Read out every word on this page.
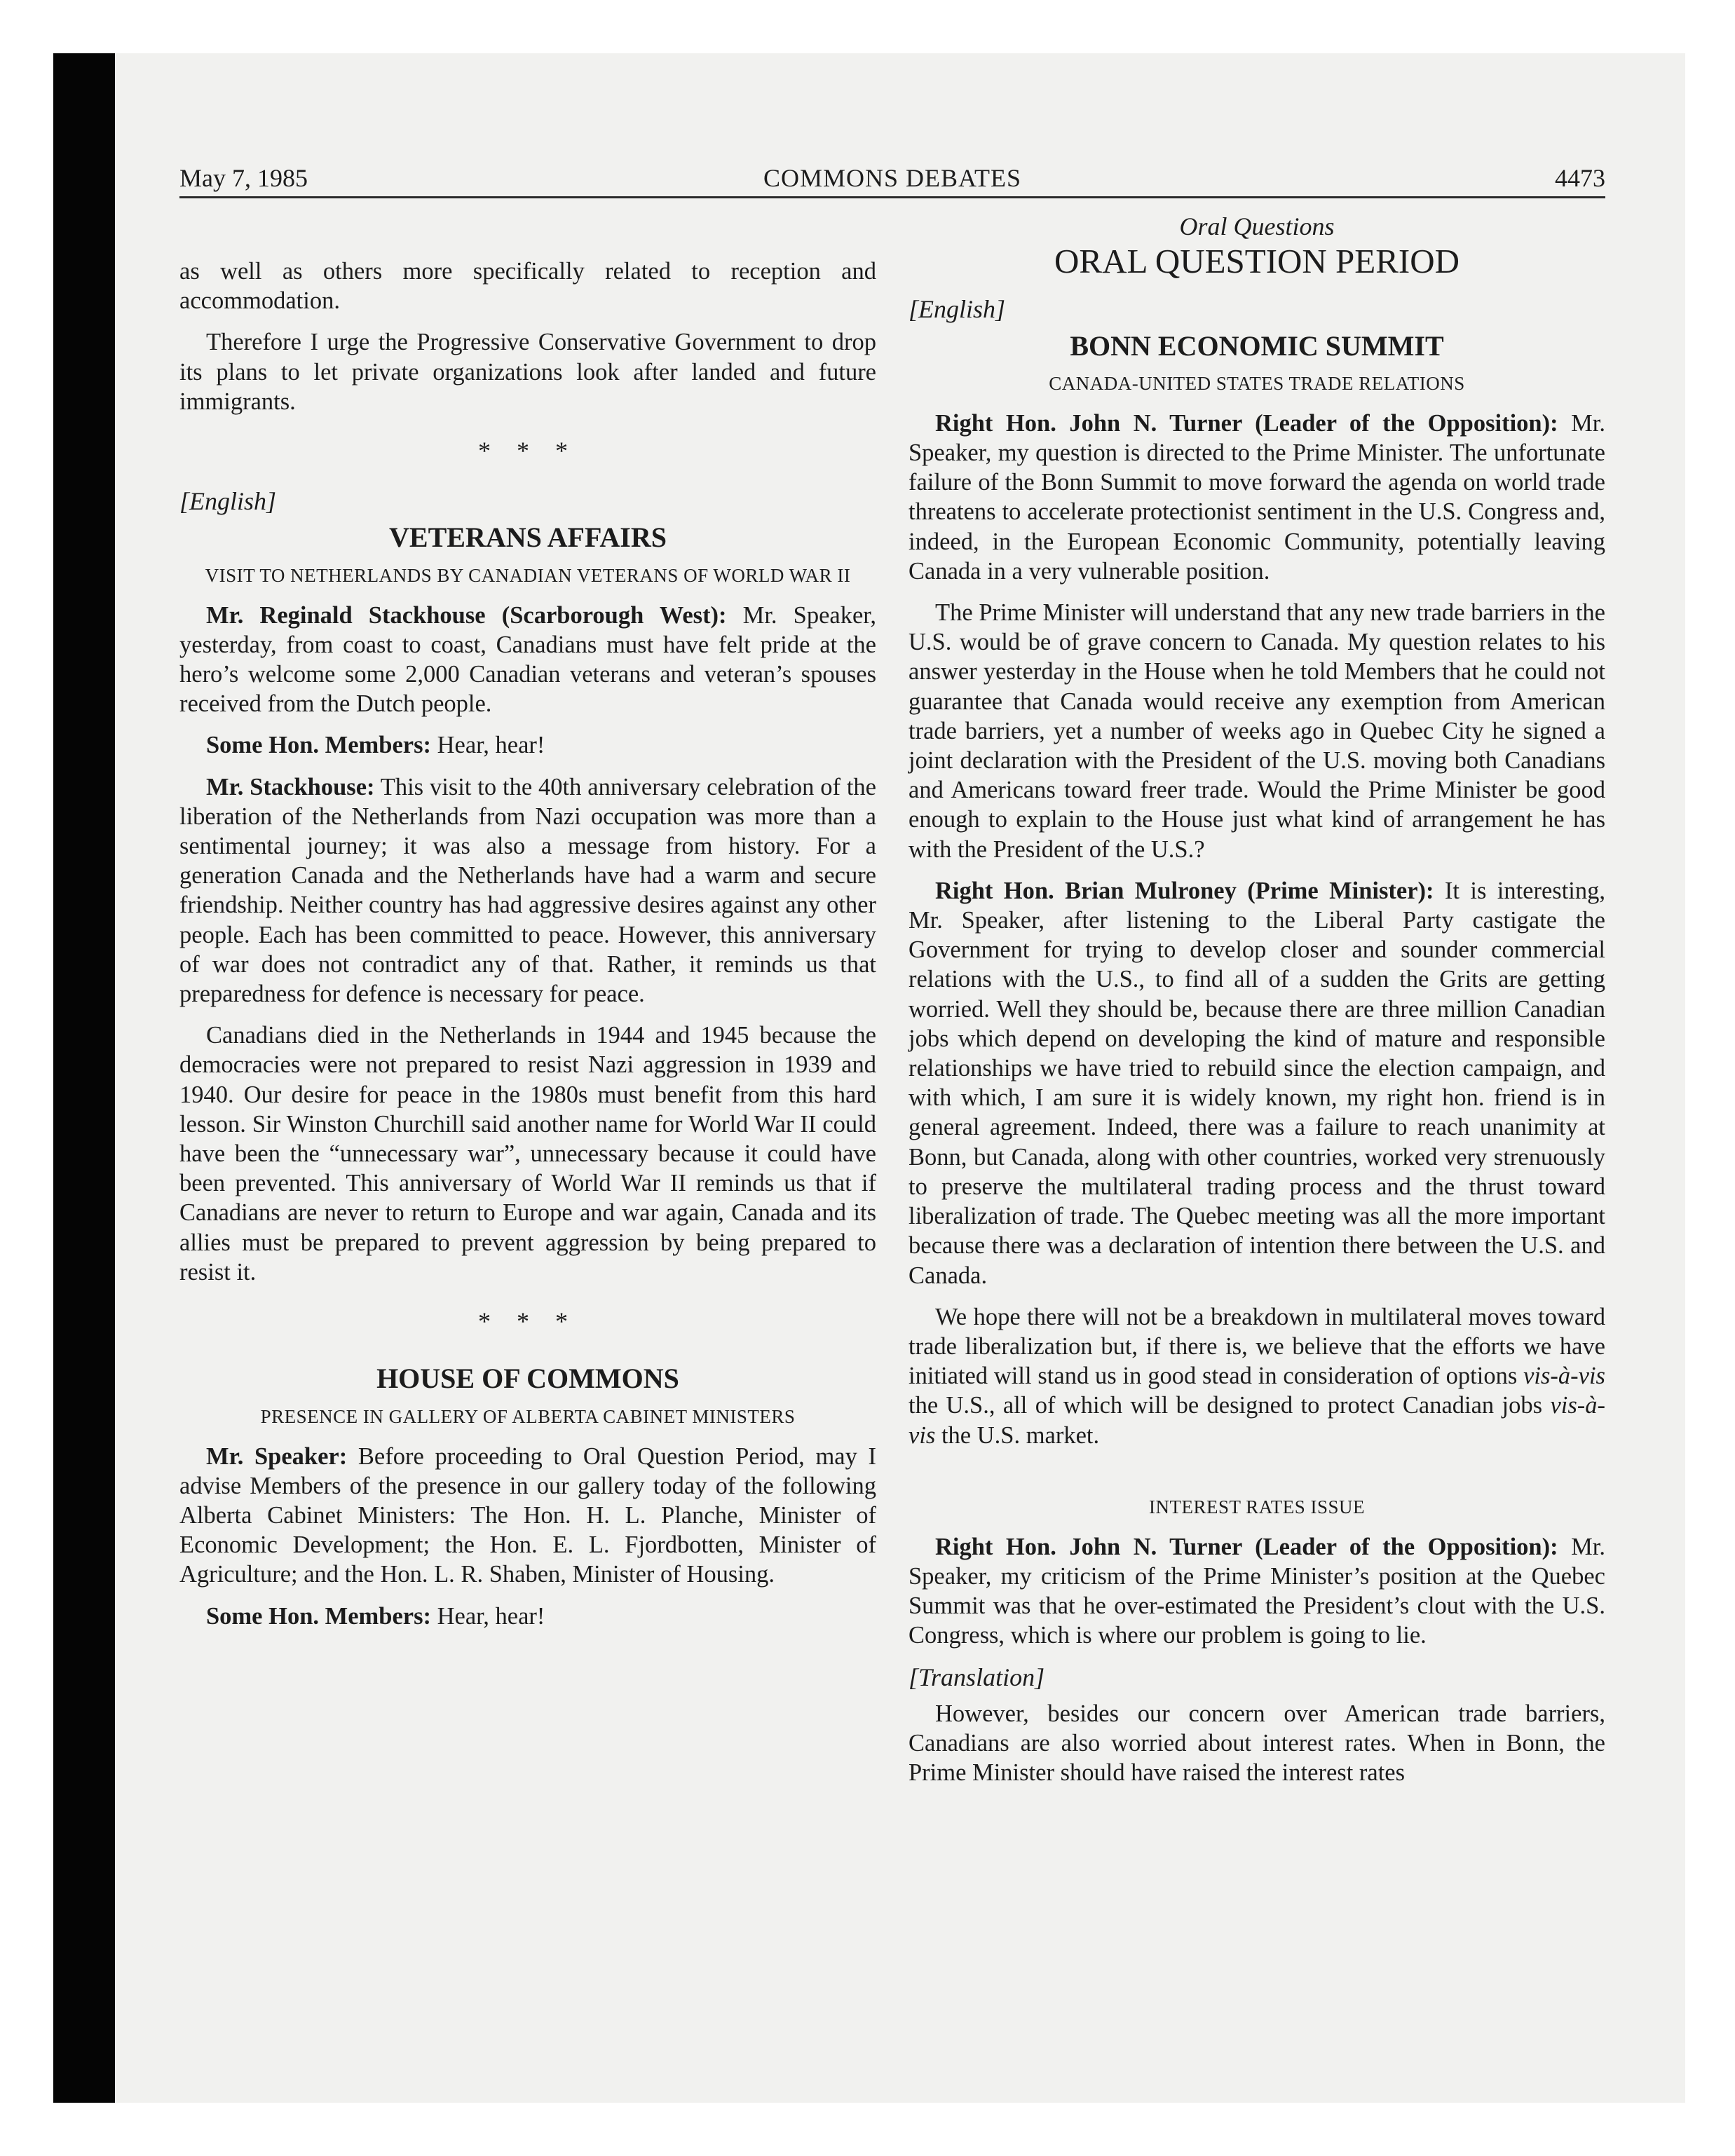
May 7, 1985	COMMONS DEBATES	4473

as well as others more specifically related to reception and accommodation.

Therefore I urge the Progressive Conservative Government to drop its plans to let private organizations look after landed and future immigrants.

* * *
[English]
VETERANS AFFAIRS
VISIT TO NETHERLANDS BY CANADIAN VETERANS OF WORLD WAR II

Mr. Reginald Stackhouse (Scarborough West): Mr. Speaker, yesterday, from coast to coast, Canadians must have felt pride at the hero’s welcome some 2,000 Canadian veterans and veteran’s spouses received from the Dutch people.

Some Hon. Members: Hear, hear!

Mr. Stackhouse: This visit to the 40th anniversary celebration of the liberation of the Netherlands from Nazi occupation was more than a sentimental journey; it was also a message from history. For a generation Canada and the Netherlands have had a warm and secure friendship. Neither country has had aggressive desires against any other people. Each has been committed to peace. However, this anniversary of war does not contradict any of that. Rather, it reminds us that preparedness for defence is necessary for peace.

Canadians died in the Netherlands in 1944 and 1945 because the democracies were not prepared to resist Nazi aggression in 1939 and 1940. Our desire for peace in the 1980s must benefit from this hard lesson. Sir Winston Churchill said another name for World War II could have been the “unnecessary war”, unnecessary because it could have been prevented. This anniversary of World War II reminds us that if Canadians are never to return to Europe and war again, Canada and its allies must be prepared to prevent aggression by being prepared to resist it.

* * *
HOUSE OF COMMONS
PRESENCE IN GALLERY OF ALBERTA CABINET MINISTERS

Mr. Speaker: Before proceeding to Oral Question Period, may I advise Members of the presence in our gallery today of the following Alberta Cabinet Ministers: The Hon. H. L. Planche, Minister of Economic Development; the Hon. E. L. Fjordbotten, Minister of Agriculture; and the Hon. L. R. Shaben, Minister of Housing.

Some Hon. Members: Hear, hear!

Oral Questions
ORAL QUESTION PERIOD
[English]
BONN ECONOMIC SUMMIT
CANADA-UNITED STATES TRADE RELATIONS

Right Hon. John N. Turner (Leader of the Opposition): Mr. Speaker, my question is directed to the Prime Minister. The unfortunate failure of the Bonn Summit to move forward the agenda on world trade threatens to accelerate protectionist sentiment in the U.S. Congress and, indeed, in the European Economic Community, potentially leaving Canada in a very vulnerable position.

The Prime Minister will understand that any new trade barriers in the U.S. would be of grave concern to Canada. My question relates to his answer yesterday in the House when he told Members that he could not guarantee that Canada would receive any exemption from American trade barriers, yet a number of weeks ago in Quebec City he signed a joint declaration with the President of the U.S. moving both Canadians and Americans toward freer trade. Would the Prime Minister be good enough to explain to the House just what kind of arrangement he has with the President of the U.S.?

Right Hon. Brian Mulroney (Prime Minister): It is interesting, Mr. Speaker, after listening to the Liberal Party castigate the Government for trying to develop closer and sounder commercial relations with the U.S., to find all of a sudden the Grits are getting worried. Well they should be, because there are three million Canadian jobs which depend on developing the kind of mature and responsible relationships we have tried to rebuild since the election campaign, and with which, I am sure it is widely known, my right hon. friend is in general agreement. Indeed, there was a failure to reach unanimity at Bonn, but Canada, along with other countries, worked very strenuously to preserve the multilateral trading process and the thrust toward liberalization of trade. The Quebec meeting was all the more important because there was a declaration of intention there between the U.S. and Canada.

We hope there will not be a breakdown in multilateral moves toward trade liberalization but, if there is, we believe that the efforts we have initiated will stand us in good stead in consideration of options vis-à-vis the U.S., all of which will be designed to protect Canadian jobs vis-à-vis the U.S. market.

INTEREST RATES ISSUE

Right Hon. John N. Turner (Leader of the Opposition): Mr. Speaker, my criticism of the Prime Minister’s position at the Quebec Summit was that he over-estimated the President’s clout with the U.S. Congress, which is where our problem is going to lie.

[Translation]

However, besides our concern over American trade barriers, Canadians are also worried about interest rates. When in Bonn, the Prime Minister should have raised the interest rates
